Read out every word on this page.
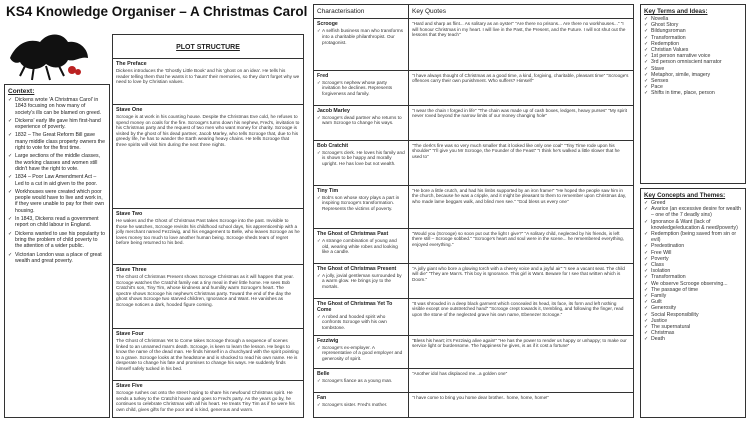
KS4 Knowledge Organiser – A Christmas Carol
Context:
✓ Dickens wrote 'A Christmas Carol' in 1843 focusing on how many of society's ills can be blamed on greed.
✓ Dickens' early life gave him first-hand experience of poverty.
✓ 1832 – The Great Reform Bill gave many middle class property owners the right to vote for the first time.
✓ Large sections of the middle classes, the working classes and women still didn't have the right to vote.
✓ 1834 – Poor Law Amendment Act – Led to a cut in aid given to the poor.
✓ Workhouses were created which poor people would have to live and work in, if they were unable to pay for their own housing.
✓ In 1843, Dickens read a government report on child labour in England.
✓ Dickens wanted to use his popularity to bring the problem of child poverty to the attention of a wider public.
✓ Victorian London was a place of great wealth and great poverty.
PLOT STRUCTURE
The Preface

Dickens introduces the 'Ghostly Little Book' and his 'ghost on an idea'. He tells his reader telling them that he wants it to 'haunt' their memories, so they don't forget why we need to love by Christian values.

Stave One

Scrooge is at work in his counting house. Despite the Christmas Eve cold, he refuses to spend money on coals for the fire. Scrooge's turns down his nephew, Fred's, invitation to his Christmas party and the request of two men who want money for charity. Scrooge is visited by the ghost of his dead partner, Jacob Marley, who tells Scrooge that, due to his greedy life, he has to wander the Earth wearing heavy chains. He tells Scrooge that three spirits will visit him during the next three nights.

Stave Two

He wakes and the Ghost of Christmas Past takes Scrooge into the past. Invisible to those he watches, Scrooge revisits his childhood school days, his apprenticeship with a jolly merchant named Fezziwig, and his engagement to Belle, who leaves Scrooge as he loves money too much to love another human being. Scrooge sheds tears of regret before being returned to his bed.

Stave Three

The Ghost of Christmas Present shows Scrooge Christmas as it will happen that year. Scrooge watches the Cratchit family eat a tiny meal in their little home. He sees Bob Cratchit's son, Tiny Tim, whose kindness and humility warm Scrooge's heart. The spectre shows Scrooge his nephew's Christmas party. Toward the end of the day the ghost shows Scrooge two starved children, Ignorance and Want. He vanishes as Scrooge notices a dark, hooded figure coming.

Stave Four

The Ghost of Christmas Yet to Come takes Scrooge through a sequence of scenes linked to an unnamed man's death. Scrooge, is keen to learn the lesson. He begs to know the name of the dead man. He finds himself in a churchyard with the spirit pointing to a grave. Scrooge looks at the headstone and is shocked to read his own name. He is desperate to change his fate and promises to change his ways. He suddenly finds himself safely tucked in his bed.

Stave Five

Scrooge rushes out onto the street hoping to share his newfound Christmas spirit. He sends a turkey to the Cratchit house and goes to Fred's party. As the years go by, he continues to celebrate Christmas with all his heart. He treats Tiny Tim as if he were his own child, gives gifts for the poor and is kind, generous and warm.

Characterisation	Key Quotes

Scrooge
✓ A selfish business man who transforms into a charitable philanthropist. Our protagonist.	"Hard and sharp as flint... As solitary as an oyster" "Are there no prisons... Are there no workhouses..." "I will honour Christmas in my heart. I will live in the Past, the Present, and the Future. I will not shut out the lessons that they teach"

Fred
✓ Scrooge's nephew whose party invitation he declines. Represents forgiveness and family.	"I have always thought of Christmas as a good time, a kind, forgiving, charitable, pleasant time" "Scrooge's offences carry their own punishment. Who suffers? Himself"

Jacob Marley
✓ Scrooge's dead partner who returns to warn Scrooge to change his ways.	"I wear the chain I forged in life" "The chain was made up of cash boxes, ledgers, heavy purses" "My spirit never roved beyond the narrow limits of our money changing hole"

Bob Cratchit
✓ Scrooge's clerk. He loves his family and is shown to be happy and morally upright. He has love but not wealth.	"The clerk's fire was so very much smaller that it looked like only one coal" "Tiny Time rode upon his shoulder" "I'll give you Mr Scrooge, the Founder of the Feast" "I think he's walked a little slower that he used to"

Tiny Tim
✓ Bob's son whose story plays a part in inspiring Scrooge's transformation. Represents the victims of poverty.	"He bore a little crutch, and had his limbs supported by an iron frame!" "He hoped the people saw him in the church, because he was a cripple, and it might be pleasant to them to remember upon Christmas day, who made lame beggars walk, and blind men see." "God bless us every one"

The Ghost of Christmas Past
✓ A strange combination of young and old, wearing white robes and looking like a candle.	"Would you (Scrooge) so soon put out the light I give?" "A solitary child, neglected by his friends, is left there still – Scrooge sobbed." "Scrooge's heart and soul were in the scene... he remembered everything, enjoyed everything."

The Ghost of Christmas Present
✓ A jolly, jovial gentleman surrounded by a warm glow. He brings joy to the mortals.	"A jolly giant who bore a glowing torch with a cheery voice and a joyful air" "I see a vacant seat. The child will die" "They are Man's. This boy is Ignorance. This girl is Want. Beware for I see that written which is Doom."

The Ghost of Christmas Yet To Come
✓ A robed and hooded spirit who confronts Scrooge with his own tombstone.	"It was shrouded in a deep black garment which concealed its head, its face, its form and left nothing visible except one outstretched hand" "Scrooge crept towards it, trembling, and following the finger, read upon the stone of the neglected grave his own name, Ebenezer Scrooge."

Fezziwig
✓ Scrooge's ex-employer. A representative of a good employer and generosity of spirit.	"Bless his heart; it's Fezziwig alive again!" "He has the power to render us happy or unhappy; to make our service light or burdensome. The happiness he gives, is as if it cost a fortune"

Belle
✓ Scrooge's fiance as a young man.	"Another idol has displaced me...a golden one"

Fan
✓ Scrooge's sister. Fred's mother.	"I have come to bring you home dear brother.. home, home, home!"
Key Terms and Ideas:
✓ Novella
✓ Ghost Story
✓ Bildungsroman
✓ Transformation
✓ Redemption
✓ Christian Values
✓ 1st person narrative voice
✓ 3rd person omniscient narrator
✓ Stave
✓ Metaphor, simile, imagery
✓ Senses
✓ Pace
✓ Shifts in time, place, person
Key Concepts and Themes:
✓ Greed
✓ Avarice (an excessive desire for wealth – one of the 7 deadly sins)
✓ Ignorance & Want (lack of knowledge/education & need/poverty)
✓ Redemption (being saved from sin or evil)
✓ Predestination
✓ Free Will
✓ Poverty
✓ Class
✓ Isolation
✓ Transformation
✓ We observe Scrooge observing...
✓ The passage of time
✓ Family
✓ Guilt
✓ Generosity
✓ Social Responsibility
✓ Justice
✓ The supernatural
✓ Christmas
✓ Death
